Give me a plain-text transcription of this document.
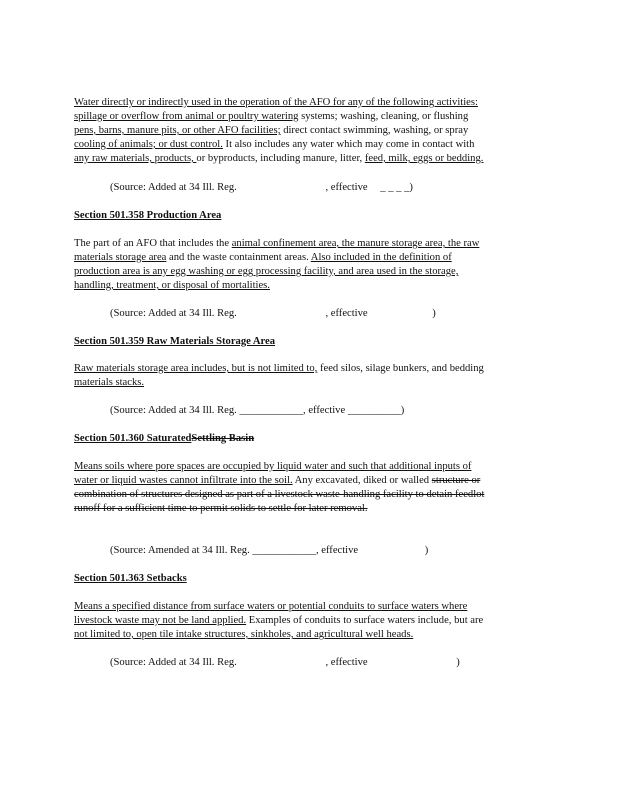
Water directly or indirectly used in the operation of the AFO for any of the following activities:
spillage or overflow from animal or poultry watering systems; washing, cleaning, or flushing
pens, barns, manure pits, or other AFO facilities; direct contact swimming, washing, or spray
cooling of animals; or dust control. It also includes any water which may come in contact with
any raw materials, products, or byproducts, including manure, litter, feed, milk, eggs or bedding.
(Source: Added at 34 Ill. Reg.	, effective _ _ _ _)
Section 501.358 Production Area
The part of an AFO that includes the animal confinement area, the manure storage area, the raw
materials storage area and the waste containment areas. Also included in the definition of
production area is any egg washing or egg processing facility, and area used in the storage,
handling, treatment, or disposal of mortalities.
(Source: Added at 34 Ill. Reg.	, effective	)
Section 501.359 Raw Materials Storage Area
Raw materials storage area includes, but is not limited to, feed silos, silage bunkers, and bedding
materials stacks.
(Source: Added at 34 Ill. Reg. ____________, effective __________)
Section 501.360 SaturatedSettling Basin
Means soils where pore spaces are occupied by liquid water and such that additional inputs of
water or liquid wastes cannot infiltrate into the soil. Any excavated, diked or walled structure or
combination of structures designed as part of a livestock waste-handling facility to detain feedlot
runoff for a sufficient time to permit solids to settle for later removal.
(Source: Amended at 34 Ill. Reg. ____________, effective	)
Section 501.363 Setbacks
Means a specified distance from surface waters or potential conduits to surface waters where
livestock waste may not be land applied. Examples of conduits to surface waters include, but are
not limited to, open tile intake structures, sinkholes, and agricultural well heads.
(Source: Added at 34 Ill. Reg.	, effective	)
